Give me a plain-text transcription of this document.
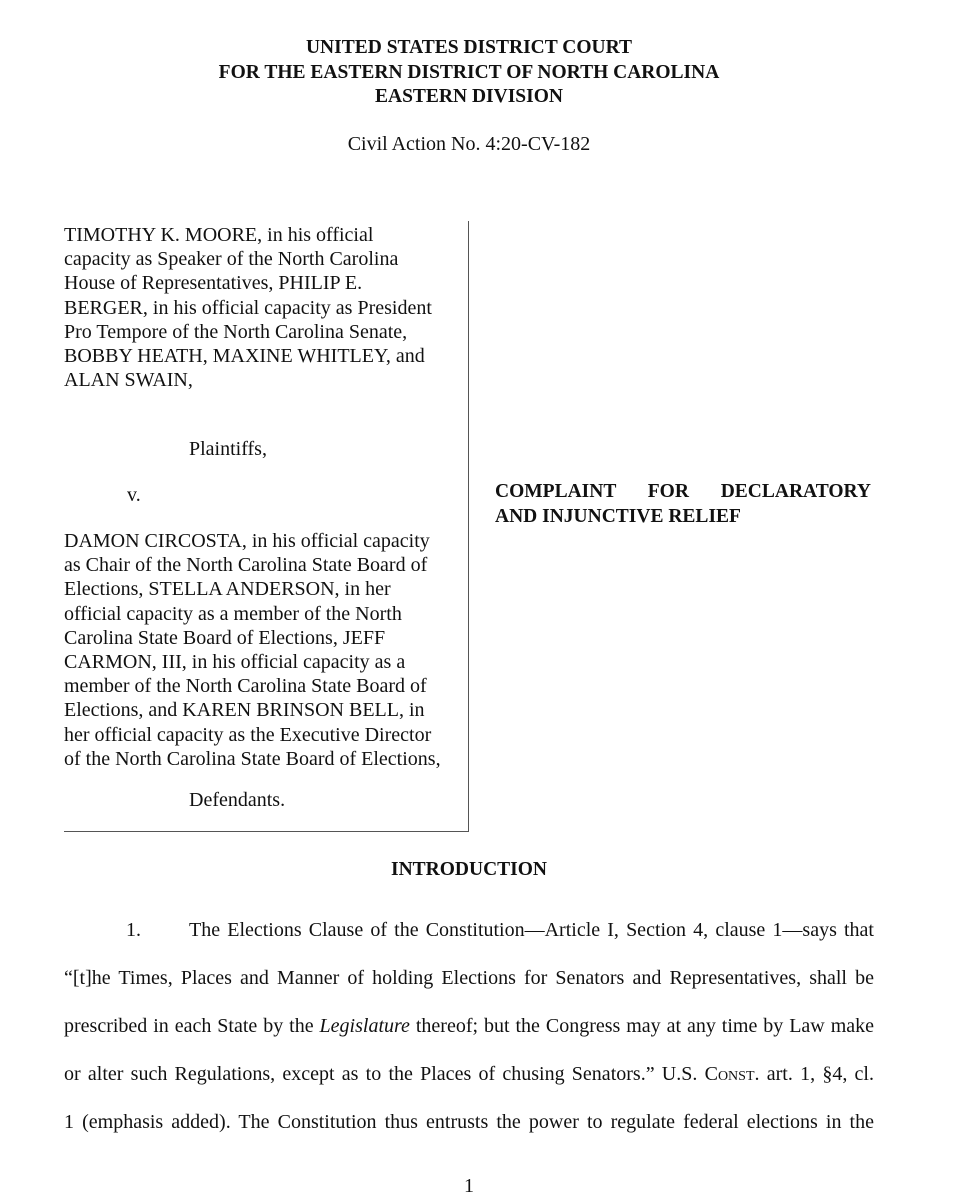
UNITED STATES DISTRICT COURT
FOR THE EASTERN DISTRICT OF NORTH CAROLINA
EASTERN DIVISION
Civil Action No. 4:20-CV-182
TIMOTHY K. MOORE, in his official
capacity as Speaker of the North Carolina
House of Representatives, PHILIP E.
BERGER, in his official capacity as President
Pro Tempore of the North Carolina Senate,
BOBBY HEATH, MAXINE WHITLEY, and
ALAN SWAIN,
Plaintiffs,
v.
DAMON CIRCOSTA, in his official capacity
as Chair of the North Carolina State Board of
Elections, STELLA ANDERSON, in her
official capacity as a member of the North
Carolina State Board of Elections, JEFF
CARMON, III, in his official capacity as a
member of the North Carolina State Board of
Elections, and KAREN BRINSON BELL, in
her official capacity as the Executive Director
of the North Carolina State Board of Elections,
Defendants.
COMPLAINT FOR DECLARATORY
AND INJUNCTIVE RELIEF
INTRODUCTION
1. The Elections Clause of the Constitution—Article I, Section 4, clause 1—says that
“[t]he Times, Places and Manner of holding Elections for Senators and Representatives, shall be
prescribed in each State by the Legislature thereof; but the Congress may at any time by Law make
or alter such Regulations, except as to the Places of chusing Senators.” U.S. Const. art. 1, §4, cl.
1 (emphasis added). The Constitution thus entrusts the power to regulate federal elections in the
1
